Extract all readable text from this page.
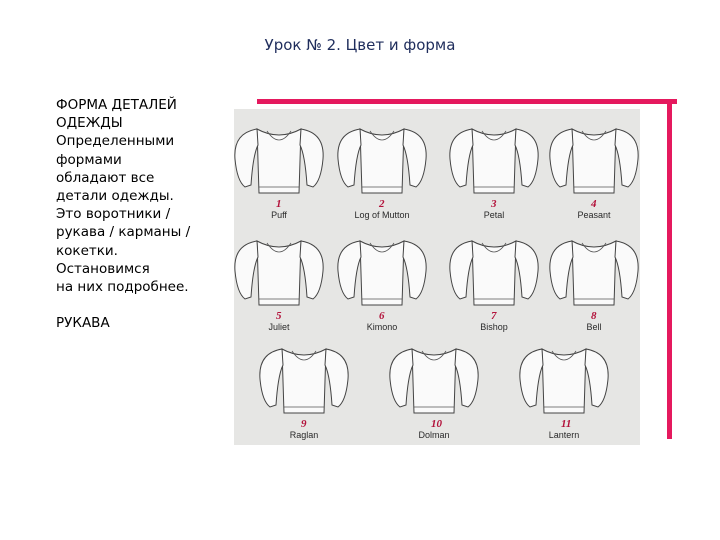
Урок № 2. Цвет и форма
ФОРМА ДЕТАЛЕЙ
ОДЕЖДЫ
Определенными
формами
обладают все
детали одежды.
Это воротники /
рукава / карманы /
кокетки.
Остановимся
на них подробнее.
РУКАВА
1
Puff
2
Log of Mutton
3
Petal
4
Peasant
5
Juliet
6
Kimono
7
Bishop
8
Bell
9
Raglan
10
Dolman
11
Lantern
